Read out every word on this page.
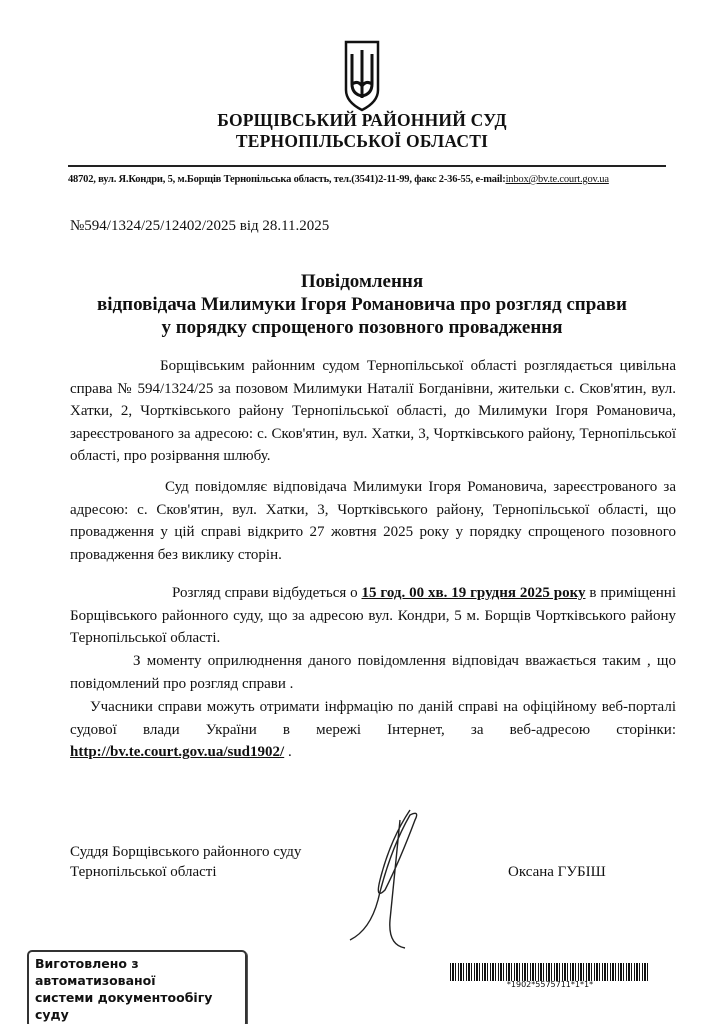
БОРЩІВСЬКИЙ РАЙОННИЙ СУД
ТЕРНОПІЛЬСЬКОЇ ОБЛАСТІ
48702, вул. Я.Кондри, 5, м.Борщів Тернопільська область, тел.(3541)2-11-99, факс 2-36-55, e-mail:inbox@bv.te.court.gov.ua
№594/1324/25/12402/2025 від 28.11.2025
Повідомлення
відповідача Милимуки Ігоря Романовича про розгляд справи
у порядку спрощеного позовного провадження
Борщівським районним судом Тернопільської області розглядається цивільна справа № 594/1324/25 за позовом Милимуки Наталії Богданівни, жительки с. Сков'ятин, вул. Хатки, 2, Чортківського району Тернопільської області, до Милимуки Ігоря Романовича, зареєстрованого за адресою: с. Сков'ятин, вул. Хатки, 3, Чортківського району, Тернопільської області, про розірвання шлюбу.
Суд повідомляє відповідача Милимуки Ігоря Романовича, зареєстрованого за адресою: с. Сков'ятин, вул. Хатки, 3, Чортківського району, Тернопільської області, що провадження у цій справі відкрито 27 жовтня 2025 року у порядку спрощеного позовного провадження без виклику сторін.
Розгляд справи відбудеться о 15 год. 00 хв. 19 грудня 2025 року в приміщенні Борщівського районного суду, що за адресою вул. Кондри, 5 м. Борщів Чортківського району Тернопільської області.
З моменту оприлюднення даного повідомлення відповідач вважається таким , що повідомлений про розгляд справи .
Учасники справи можуть отримати інфрмацію по даній справі на офіційному веб-порталі судової влади України в мережі Інтернет, за веб-адресою сторінки: http://bv.te.court.gov.ua/sud1902/ .
Суддя Борщівського районного суду
Тернопільської області	Оксана ГУБІШ
Виготовлено з автоматизованої
системи документообігу суду
*1902*5575711*1*1*
